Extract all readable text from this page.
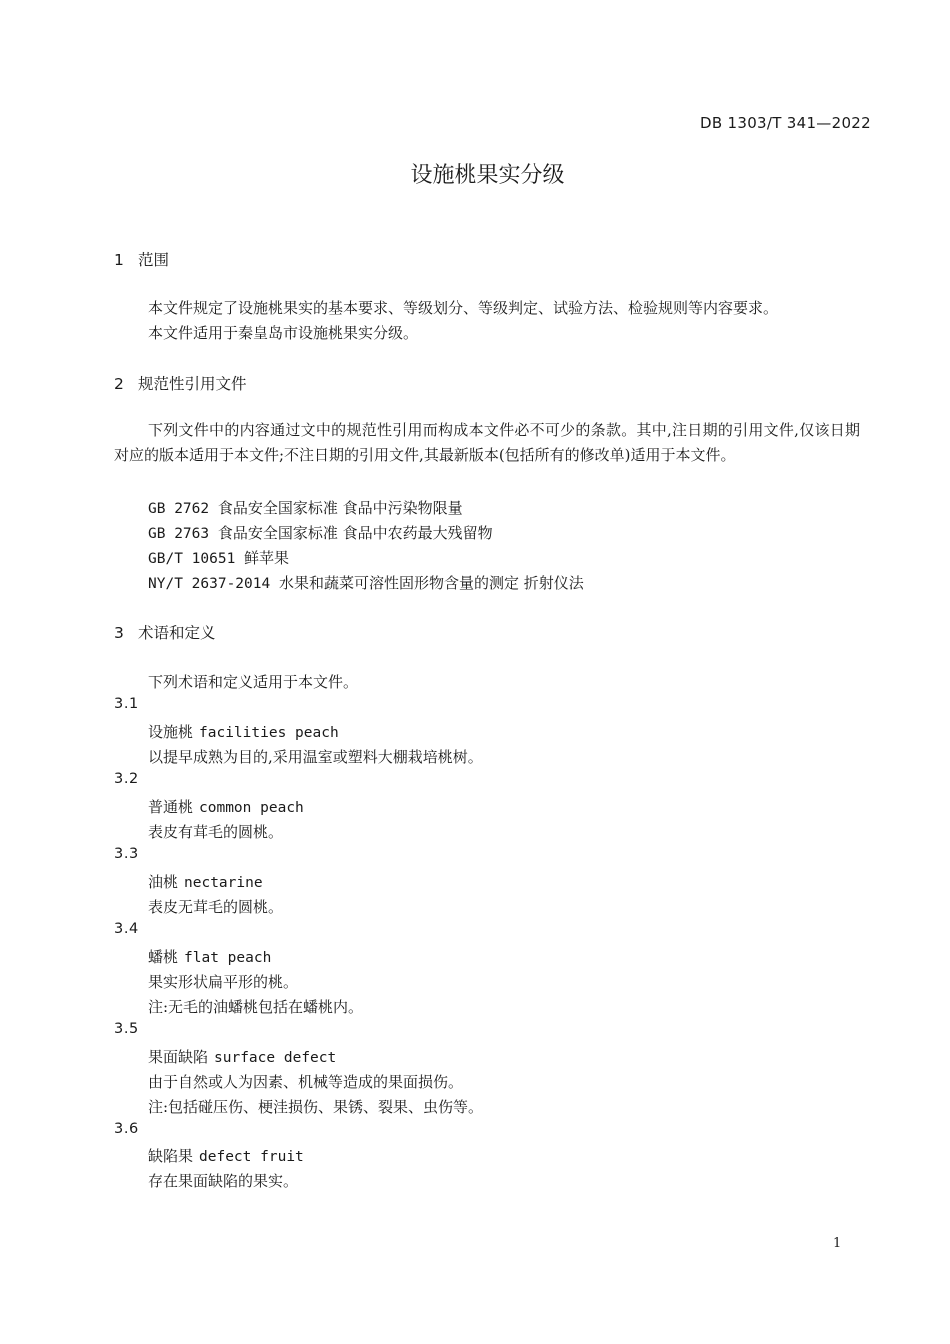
DB 1303/T 341—2022
设施桃果实分级
1 范围
本文件规定了设施桃果实的基本要求、等级划分、等级判定、试验方法、检验规则等内容要求。
本文件适用于秦皇岛市设施桃果实分级。
2 规范性引用文件
下列文件中的内容通过文中的规范性引用而构成本文件必不可少的条款。其中,注日期的引用文件,仅该日期对应的版本适用于本文件;不注日期的引用文件,其最新版本(包括所有的修改单)适用于本文件。
GB 2762 食品安全国家标准 食品中污染物限量
GB 2763 食品安全国家标准 食品中农药最大残留物
GB/T 10651 鲜苹果
NY/T 2637-2014 水果和蔬菜可溶性固形物含量的测定 折射仪法
3 术语和定义
下列术语和定义适用于本文件。
3.1
设施桃 facilities peach
以提早成熟为目的,采用温室或塑料大棚栽培桃树。
3.2
普通桃 common peach
表皮有茸毛的圆桃。
3.3
油桃 nectarine
表皮无茸毛的圆桃。
3.4
蟠桃 flat peach
果实形状扁平形的桃。
注:无毛的油蟠桃包括在蟠桃内。
3.5
果面缺陷 surface defect
由于自然或人为因素、机械等造成的果面损伤。
注:包括碰压伤、梗洼损伤、果锈、裂果、虫伤等。
3.6
缺陷果 defect fruit
存在果面缺陷的果实。
1
